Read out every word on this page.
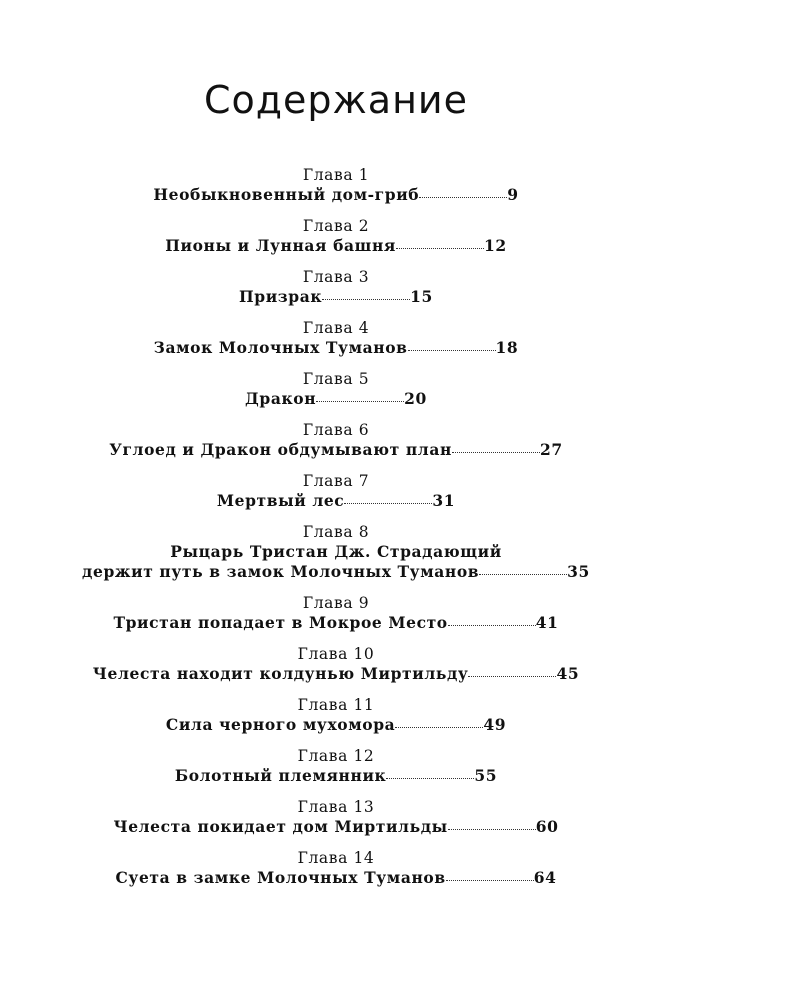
Содержание
Глава 1
Необыкновенный дом-гриб	9
Глава 2
Пионы и Лунная башня	12
Глава 3
Призрак	15
Глава 4
Замок Молочных Туманов	18
Глава 5
Дракон	20
Глава 6
Углоед и Дракон обдумывают план	27
Глава 7
Мертвый лес	31
Глава 8
Рыцарь Тристан Дж. Страдающий
держит путь в замок Молочных Туманов	35
Глава 9
Тристан попадает в Мокрое Место	41
Глава 10
Челеста находит колдунью Миртильду	45
Глава 11
Сила черного мухомора	49
Глава 12
Болотный племянник	55
Глава 13
Челеста покидает дом Миртильды	60
Глава 14
Суета в замке Молочных Туманов	64
